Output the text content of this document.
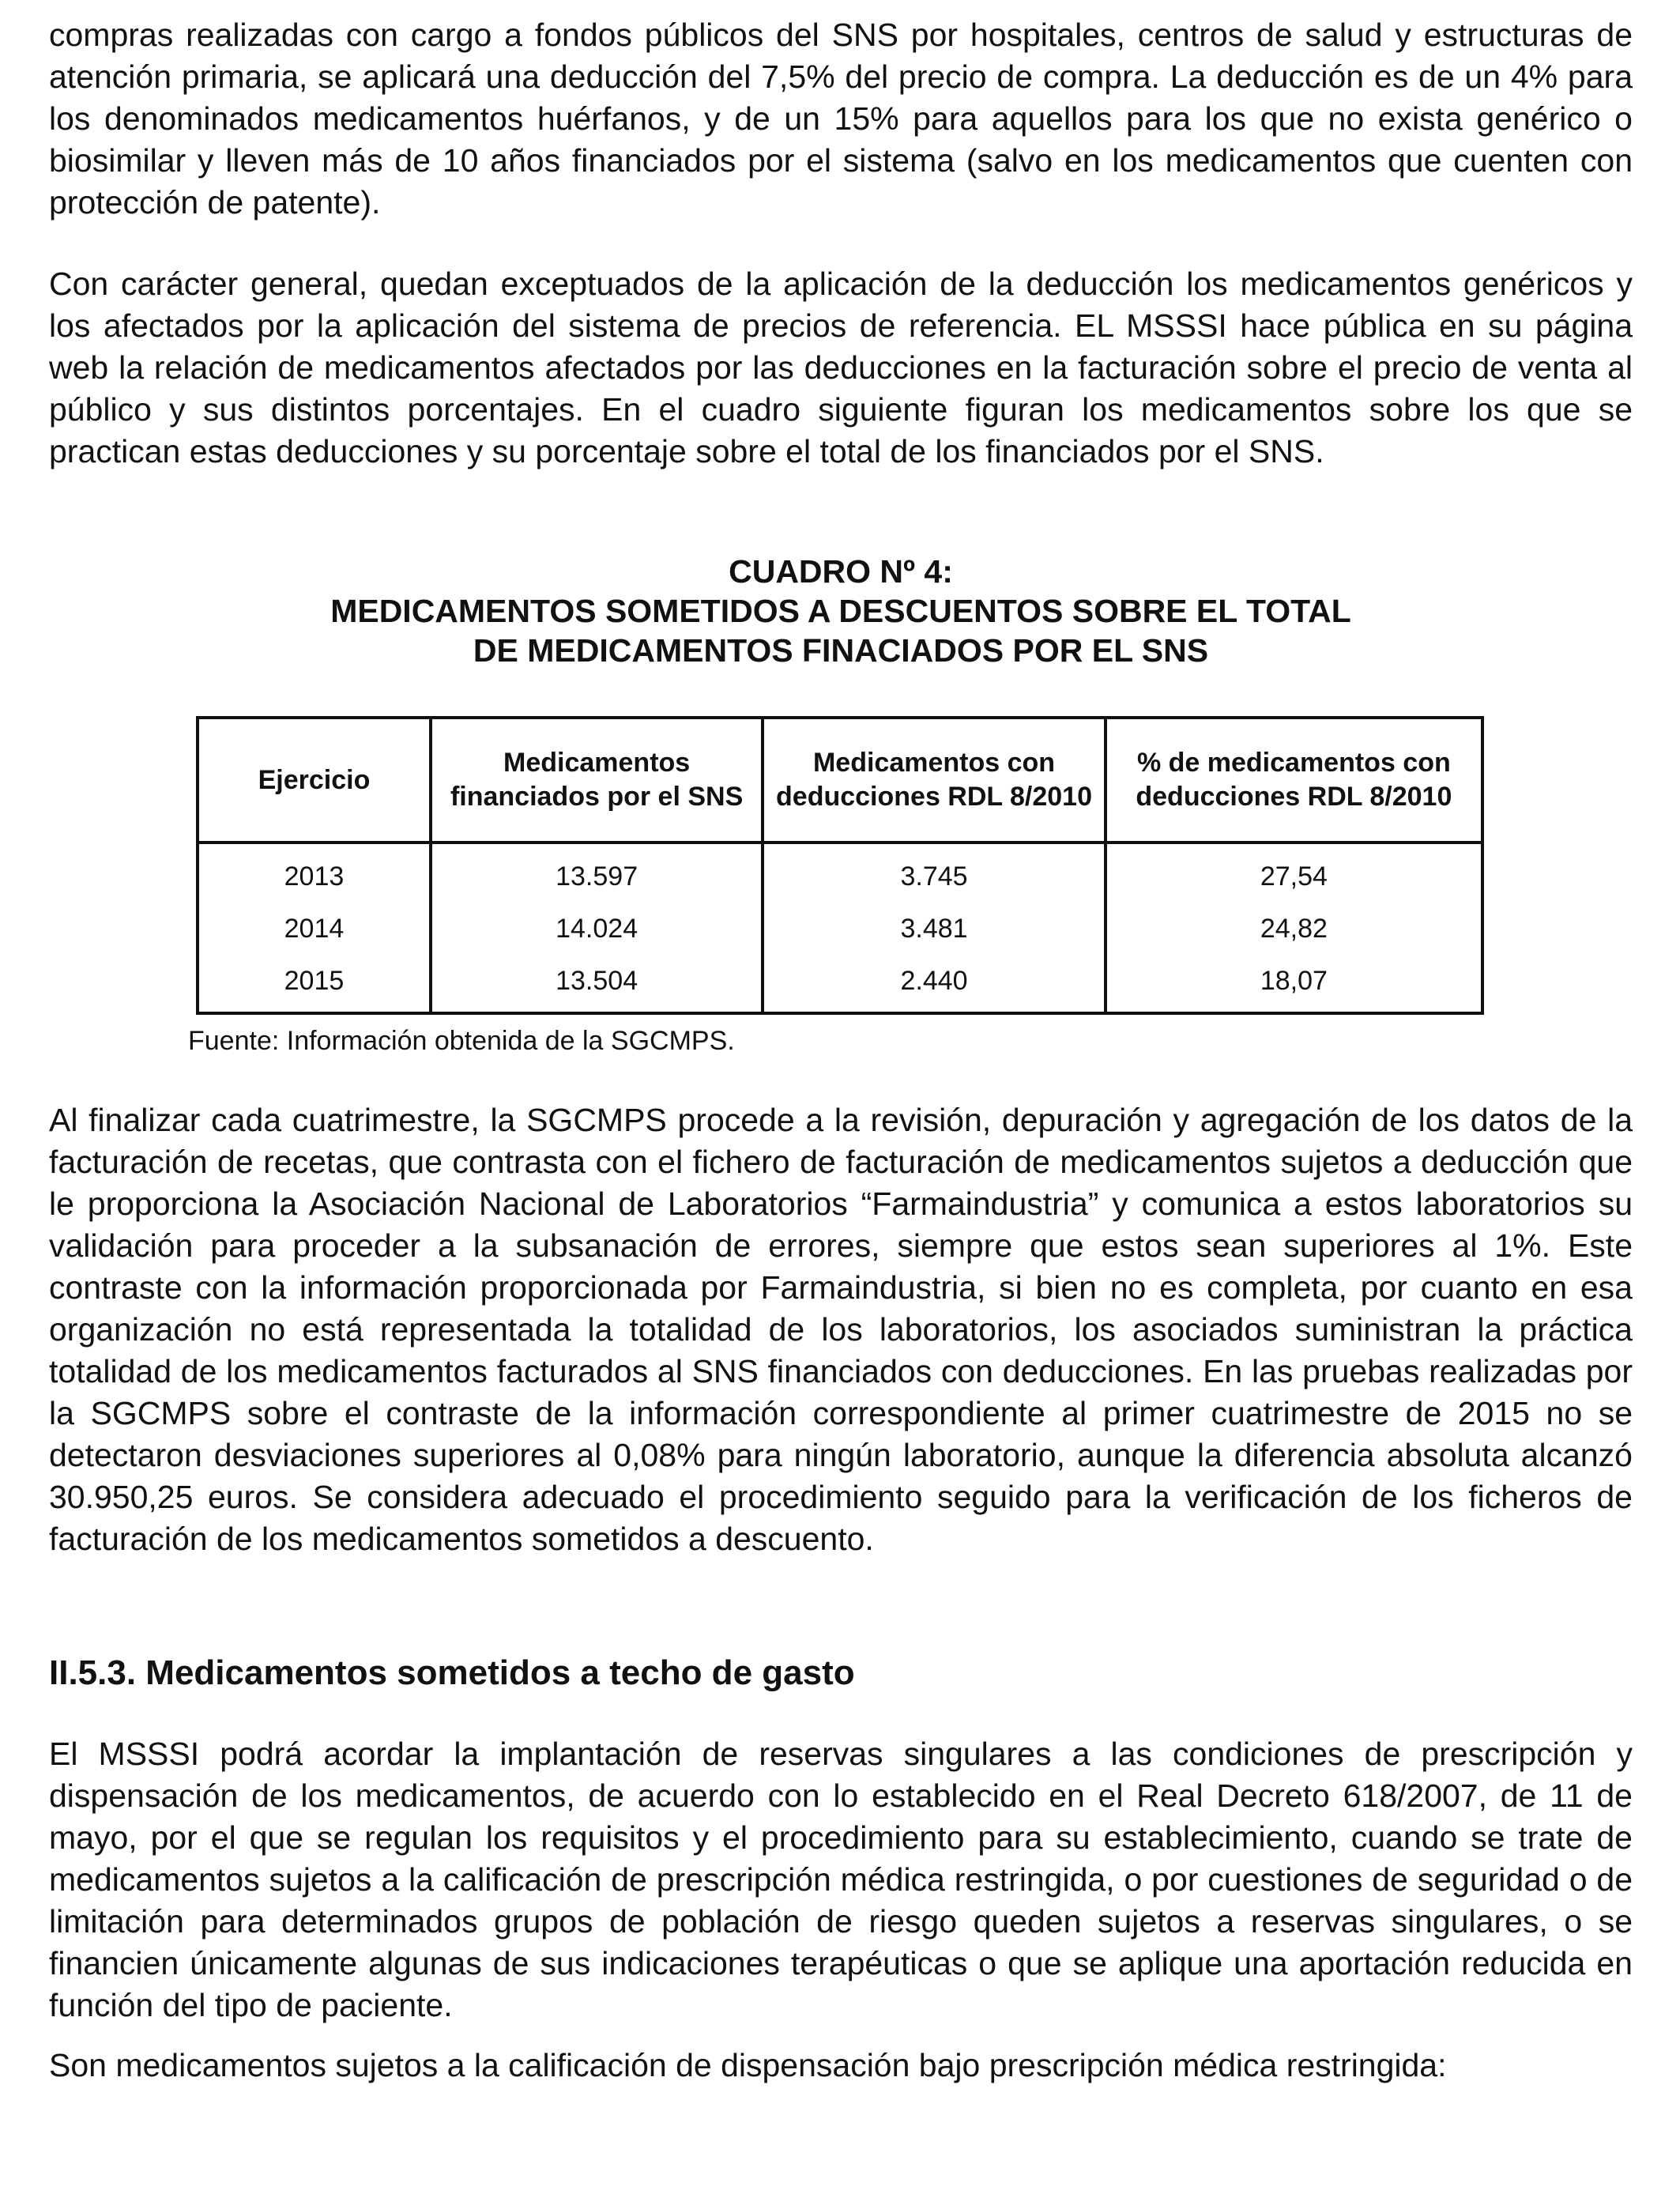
compras realizadas con cargo a fondos públicos del SNS por hospitales, centros de salud y estructuras de atención primaria, se aplicará una deducción del 7,5% del precio de compra. La deducción es de un 4% para los denominados medicamentos huérfanos, y de un 15% para aquellos para los que no exista genérico o biosimilar y lleven más de 10 años financiados por el sistema (salvo en los medicamentos que cuenten con protección de patente).

Con carácter general, quedan exceptuados de la aplicación de la deducción los medicamentos genéricos y los afectados por la aplicación del sistema de precios de referencia. EL MSSSI hace pública en su página web la relación de medicamentos afectados por las deducciones en la facturación sobre el precio de venta al público y sus distintos porcentajes. En el cuadro siguiente figuran los medicamentos sobre los que se practican estas deducciones y su porcentaje sobre el total de los financiados por el SNS.

CUADRO Nº 4:
MEDICAMENTOS SOMETIDOS A DESCUENTOS SOBRE EL TOTAL
DE MEDICAMENTOS FINACIADOS POR EL SNS
Ejercicio	Medicamentos financiados por el SNS	Medicamentos con deducciones RDL 8/2010	% de medicamentos con deducciones RDL 8/2010
2013	13.597	3.745	27,54
2014	14.024	3.481	24,82
2015	13.504	2.440	18,07
Fuente: Información obtenida de la SGCMPS.

Al finalizar cada cuatrimestre, la SGCMPS procede a la revisión, depuración y agregación de los datos de la facturación de recetas, que contrasta con el fichero de facturación de medicamentos sujetos a deducción que le proporciona la Asociación Nacional de Laboratorios “Farmaindustria” y comunica a estos laboratorios su validación para proceder a la subsanación de errores, siempre que estos sean superiores al 1%. Este contraste con la información proporcionada por Farmaindustria, si bien no es completa, por cuanto en esa organización no está representada la totalidad de los laboratorios, los asociados suministran la práctica totalidad de los medicamentos facturados al SNS financiados con deducciones. En las pruebas realizadas por la SGCMPS sobre el contraste de la información correspondiente al primer cuatrimestre de 2015 no se detectaron desviaciones superiores al 0,08% para ningún laboratorio, aunque la diferencia absoluta alcanzó 30.950,25 euros. Se considera adecuado el procedimiento seguido para la verificación de los ficheros de facturación de los medicamentos sometidos a descuento.

II.5.3. Medicamentos sometidos a techo de gasto

El MSSSI podrá acordar la implantación de reservas singulares a las condiciones de prescripción y dispensación de los medicamentos, de acuerdo con lo establecido en el Real Decreto 618/2007, de 11 de mayo, por el que se regulan los requisitos y el procedimiento para su establecimiento, cuando se trate de medicamentos sujetos a la calificación de prescripción médica restringida, o por cuestiones de seguridad o de limitación para determinados grupos de población de riesgo queden sujetos a reservas singulares, o se financien únicamente algunas de sus indicaciones terapéuticas o que se aplique una aportación reducida en función del tipo de paciente.

Son medicamentos sujetos a la calificación de dispensación bajo prescripción médica restringida:
